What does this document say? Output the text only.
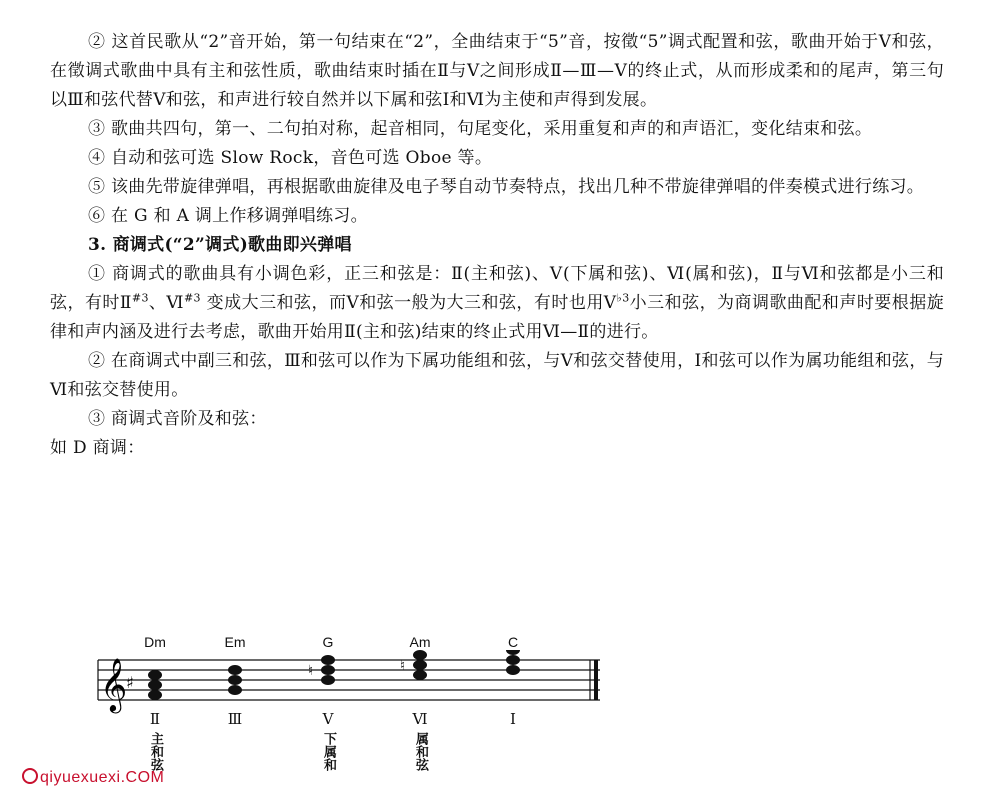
② 这首民歌从“2”音开始，第一句结束在“2”，全曲结束于“5”音，按徵“5”调式配置和弦，歌曲开始于Ⅴ和弦，在徵调式歌曲中具有主和弦性质，歌曲结束时插在Ⅱ与Ⅴ之间形成Ⅱ—Ⅲ—Ⅴ的终止式，从而形成柔和的尾声，第三句以Ⅲ和弦代替Ⅴ和弦，和声进行较自然并以下属和弦Ⅰ和Ⅵ为主使和声得到发展。

③ 歌曲共四句，第一、二句拍对称，起音相同，句尾变化，采用重复和声的和声语汇，变化结束和弦。

④ 自动和弦可选 Slow Rock，音色可选 Oboe 等。

⑤ 该曲先带旋律弹唱，再根据歌曲旋律及电子琴自动节奏特点，找出几种不带旋律弹唱的伴奏模式进行练习。

⑥ 在 G 和 A 调上作移调弹唱练习。

3. 商调式(“2”调式)歌曲即兴弹唱

① 商调式的歌曲具有小调色彩，正三和弦是：Ⅱ(主和弦)、Ⅴ(下属和弦)、Ⅵ(属和弦)，Ⅱ与Ⅵ和弦都是小三和弦，有时Ⅱ$^{\#3}$、Ⅵ$^{\#3}$ 变成大三和弦，而Ⅴ和弦一般为大三和弦，有时也用Ⅴ$^{♭3}$小三和弦，为商调歌曲配和声时要根据旋律和声内涵及进行去考虑，歌曲开始用Ⅱ(主和弦)结束的终止式用Ⅵ—Ⅱ的进行。

② 在商调式中副三和弦，Ⅲ和弦可以作为下属功能组和弦，与Ⅴ和弦交替使用，Ⅰ和弦可以作为属功能组和弦，与Ⅵ和弦交替使用。

③ 商调式音阶及和弦：

如 D 商调：

Dm	Em	G	Am	C
𝄞
♯
♮	♮
Ⅱ	Ⅲ	Ⅴ	Ⅵ	Ⅰ
主和弦	下属和	属和弦
qiyuexuexi.COM
